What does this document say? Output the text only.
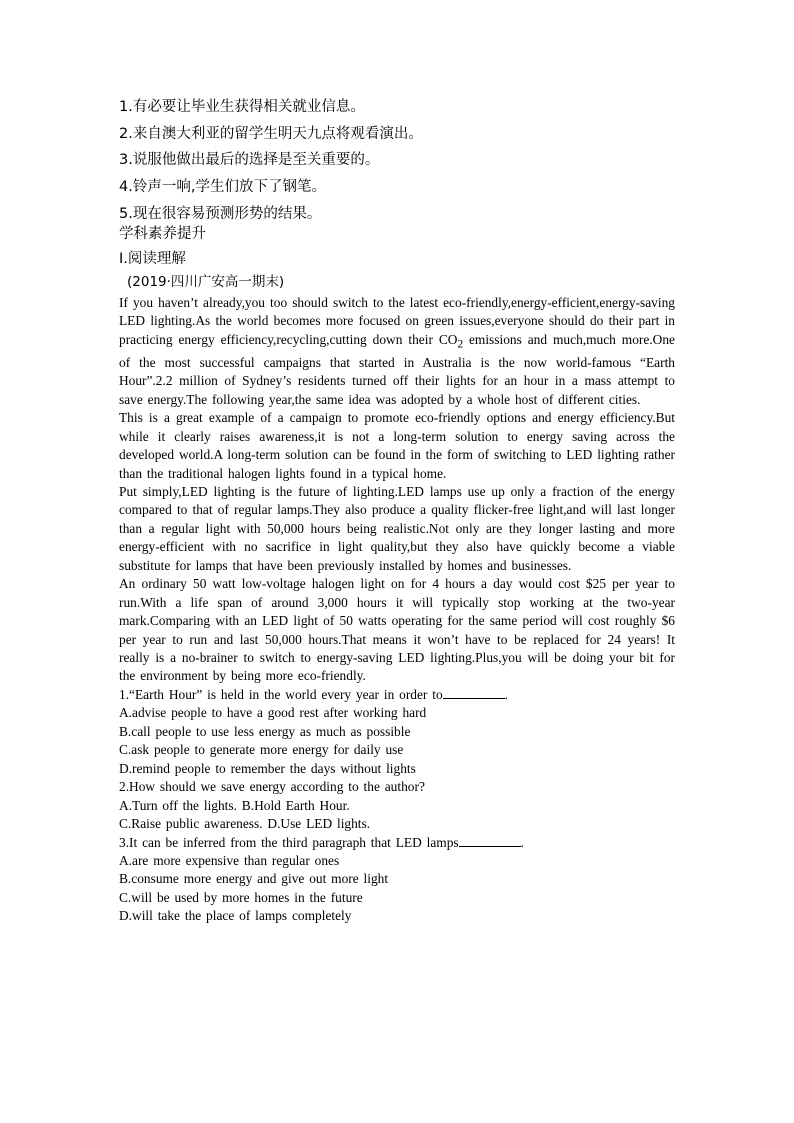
1.有必要让毕业生获得相关就业信息。

2.来自澳大利亚的留学生明天九点将观看演出。

3.说服他做出最后的选择是至关重要的。

4.铃声一响,学生们放下了钢笔。

5.现在很容易预测形势的结果。

学科素养提升

Ⅰ.阅读理解

(2019·四川广安高一期末)

If you haven’t already,you too should switch to the latest eco-friendly,energy-efficient,energy-saving LED lighting.As the world becomes more focused on green issues,everyone should do their part in practicing energy efficiency,recycling,cutting down their $CO_2$ emissions and much,much more.One of the most successful campaigns that started in Australia is the now world-famous “Earth Hour”.2.2 million of Sydney’s residents turned off their lights for an hour in a mass attempt to save energy.The following year,the same idea was adopted by a whole host of different cities.

This is a great example of a campaign to promote eco-friendly options and energy efficiency.But while it clearly raises awareness,it is not a long-term solution to energy saving across the developed world.A long-term solution can be found in the form of switching to LED lighting rather than the traditional halogen lights found in a typical home.

Put simply,LED lighting is the future of lighting.LED lamps use up only a fraction of the energy compared to that of regular lamps.They also produce a quality flicker-free light,and will last longer than a regular light with 50,000 hours being realistic.Not only are they longer lasting and more energy-efficient with no sacrifice in light quality,but they also have quickly become a viable substitute for lamps that have been previously installed by homes and businesses.

An ordinary 50 watt low-voltage halogen light on for 4 hours a day would cost $25 per year to run.With a life span of around 3,000 hours it will typically stop working at the two-year mark.Comparing with an LED light of 50 watts operating for the same period will cost roughly $6 per year to run and last 50,000 hours.That means it won’t have to be replaced for 24 years! It really is a no-brainer to switch to energy-saving LED lighting.Plus,you will be doing your bit for the environment by being more eco-friendly.

1.“Earth Hour” is held in the world every year in order to	.

A.advise people to have a good rest after working hard

B.call people to use less energy as much as possible

C.ask people to generate more energy for daily use

D.remind people to remember the days without lights

2.How should we save energy according to the author?

A.Turn off the lights. B.Hold Earth Hour.

C.Raise public awareness. D.Use LED lights.

3.It can be inferred from the third paragraph that LED lamps	.

A.are more expensive than regular ones

B.consume more energy and give out more light

C.will be used by more homes in the future

D.will take the place of lamps completely
